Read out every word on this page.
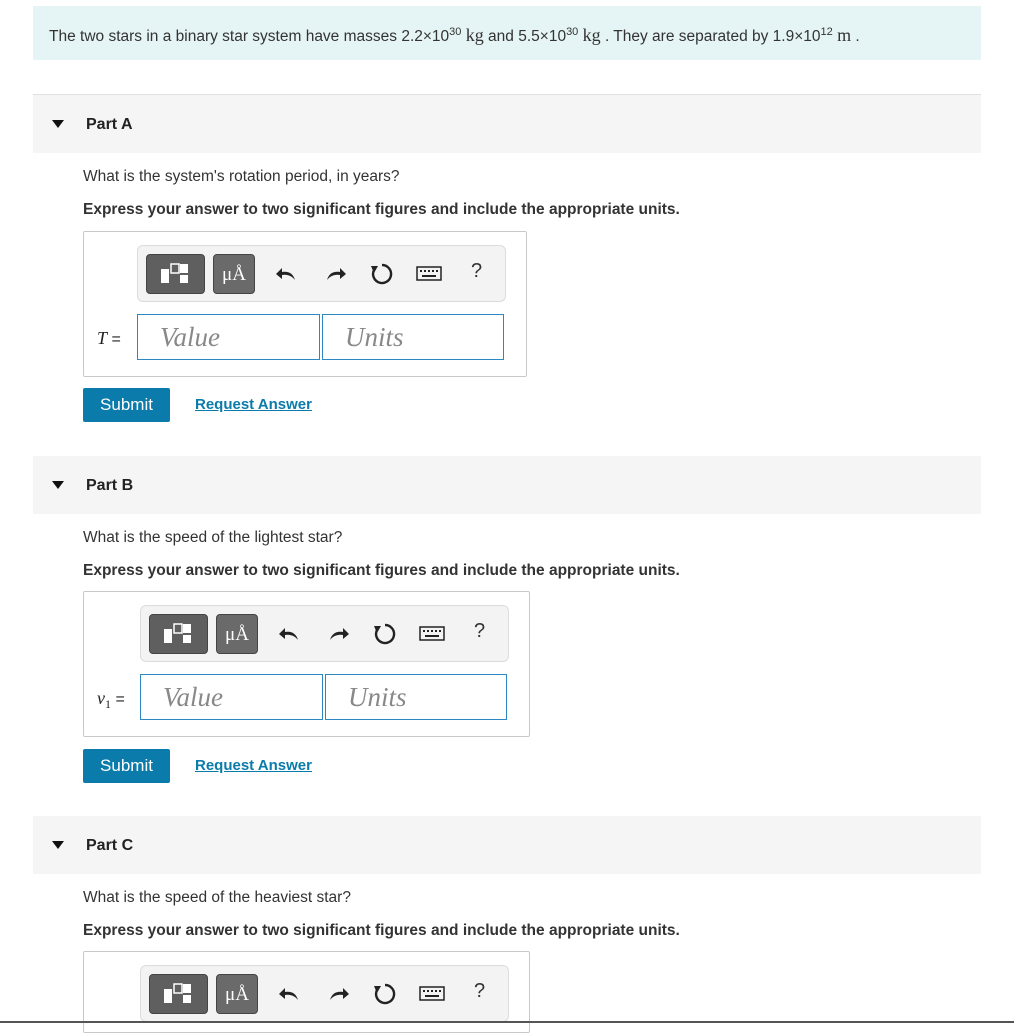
The two stars in a binary star system have masses $2.2\times 10^{30}$ kg and $5.5\times 10^{30}$ kg . They are separated by $1.9\times 10^{12}$ m .
Part A
What is the system's rotation period, in years?
Express your answer to two significant figures and include the appropriate units.
μÅ	?
T =	Value	Units
Submit	Request Answer
Part B
What is the speed of the lightest star?
Express your answer to two significant figures and include the appropriate units.
μÅ	?
$v_1$ =	Value	Units
Submit	Request Answer
Part C
What is the speed of the heaviest star?
Express your answer to two significant figures and include the appropriate units.
μÅ	?
